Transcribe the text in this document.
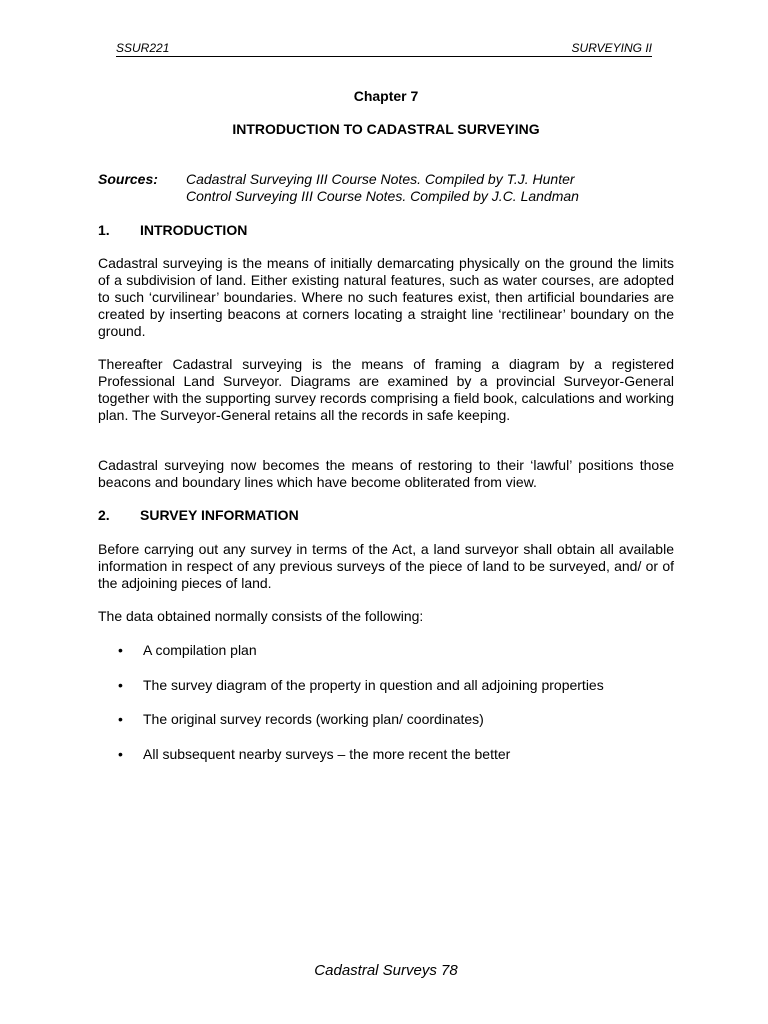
SSUR221	SURVEYING II
Chapter 7
INTRODUCTION TO CADASTRAL SURVEYING
Sources: Cadastral Surveying III Course Notes. Compiled by T.J. Hunter
Control Surveying III Course Notes. Compiled by J.C. Landman
1. INTRODUCTION
Cadastral surveying is the means of initially demarcating physically on the ground the limits of a subdivision of land. Either existing natural features, such as water courses, are adopted to such ‘curvilinear’ boundaries. Where no such features exist, then artificial boundaries are created by inserting beacons at corners locating a straight line ‘rectilinear’ boundary on the ground.
Thereafter Cadastral surveying is the means of framing a diagram by a registered Professional Land Surveyor. Diagrams are examined by a provincial Surveyor-General together with the supporting survey records comprising a field book, calculations and working plan. The Surveyor-General retains all the records in safe keeping.
Cadastral surveying now becomes the means of restoring to their ‘lawful’ positions those beacons and boundary lines which have become obliterated from view.
2. SURVEY INFORMATION
Before carrying out any survey in terms of the Act, a land surveyor shall obtain all available information in respect of any previous surveys of the piece of land to be surveyed, and/ or of the adjoining pieces of land.
The data obtained normally consists of the following:
• A compilation plan
• The survey diagram of the property in question and all adjoining properties
• The original survey records (working plan/ coordinates)
• All subsequent nearby surveys – the more recent the better
Cadastral Surveys 78
